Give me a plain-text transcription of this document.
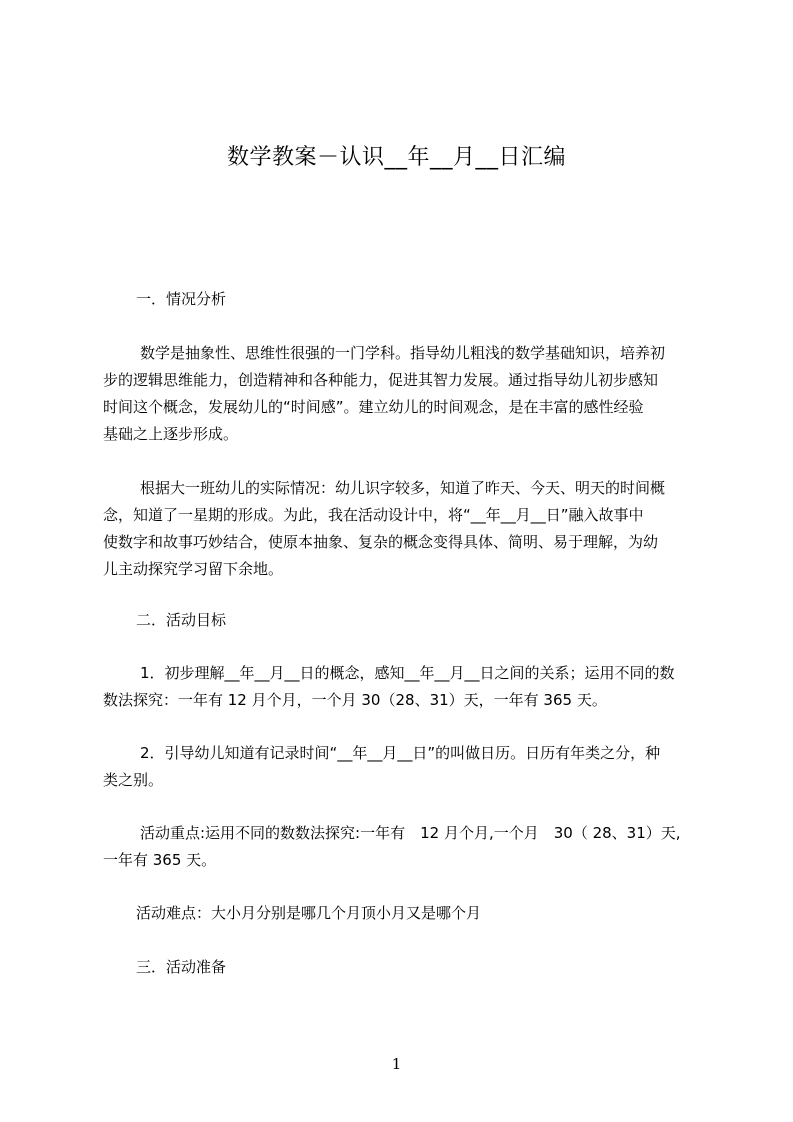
数学教案－认识__年__月__日汇编
一．情况分析
数学是抽象性、思维性很强的一门学科。指导幼儿粗浅的数学基础知识，培养初
步的逻辑思维能力，创造精神和各种能力，促进其智力发展。通过指导幼儿初步感知
时间这个概念，发展幼儿的“时间感”。建立幼儿的时间观念，是在丰富的感性经验
基础之上逐步形成。
根据大一班幼儿的实际情况：幼儿识字较多，知道了昨天、今天、明天的时间概
念，知道了一星期的形成。为此，我在活动设计中，将“__年__月__日”融入故事中
使数字和故事巧妙结合，使原本抽象、复杂的概念变得具体、简明、易于理解，为幼
儿主动探究学习留下余地。
二．活动目标
1．初步理解__年__月__日的概念，感知__年__月__日之间的关系；运用不同的数
数法探究：一年有 12 月个月，一个月 30（28、31）天，一年有 365 天。
2．引导幼儿知道有记录时间“__年__月__日”的叫做日历。日历有年类之分，种
类之别。
活动重点:运用不同的数数法探究:一年有　12 月个月,一个月　30（ 28、31）天,
一年有 365 天。
活动难点：大小月分别是哪几个月顶小月又是哪个月
三．活动准备
1
